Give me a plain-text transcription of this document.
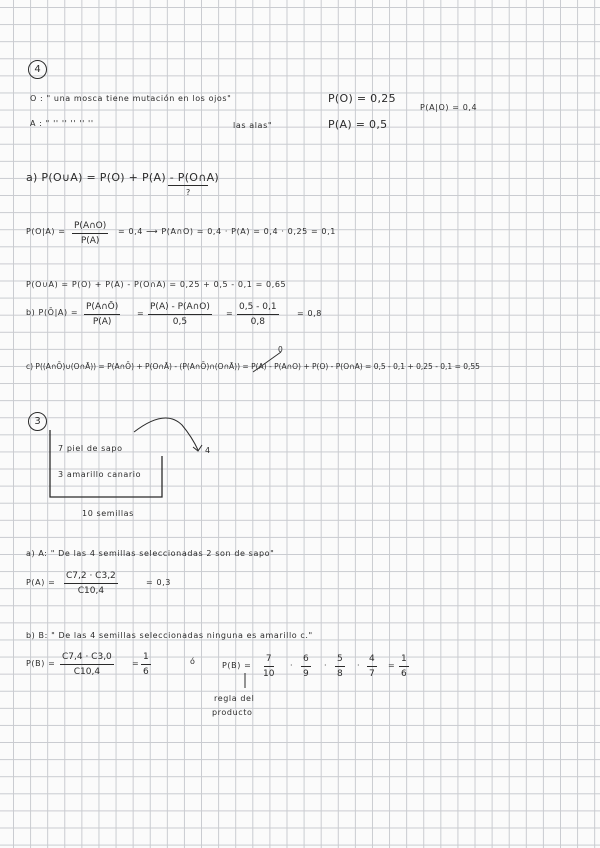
4
O : " una mosca tiene mutación en los ojos"
A : " '' '' '' '' ''	las alas"
P(O) = 0,25
P(A) = 0,5
P(A|O) = 0,4
a) P(O∪A) = P(O) + P(A) - P(O∩A)
?
$P(O|A) = \frac{P(A\cap O)}{P(A)} = 0,4$ ⟶ P(A∩O) = 0,4 · P(A) = 0,4 · 0,25 = 0,1
P(O∪A) = P(O) + P(A) - P(O∩A) = 0,25 + 0,5 - 0,1 = 0,65
b) P(Ō|A) = $\frac{P(A\cap Ō)}{P(A)} = \frac{P(A) - P(A\cap O)}{0,5} = \frac{0,5 - 0,1}{0,8} = 0,8$
c) P((A∩Ō)∪(O∩Ā)) = P(A∩Ō) + P(O∩Ā) - (P(A∩Ō)∩(O∩Ā)) = P(A) - P(A∩O) + P(O) - P(O∩A) = 0,5 - 0,1 + 0,25 - 0,1 = 0,55
0
3
7 piel de sapo
3 amarillo canario
4
10 semillas
a) A: " De las 4 semillas seleccionadas 2 son de sapo"
$P(A) = \frac{C7,2 \cdot C3,2}{C10,4}$	= 0,3
b) B: " De las 4 semillas seleccionadas ninguna es amarillo c."
$P(B) = \frac{C7,4 \cdot C3,0}{C10,4} = \frac{1}{6}$	ó	$P(B) = \frac{7}{10} \cdot \frac{6}{9} \cdot \frac{5}{8} \cdot \frac{4}{7} = \frac{1}{6}$
regla del
producto
